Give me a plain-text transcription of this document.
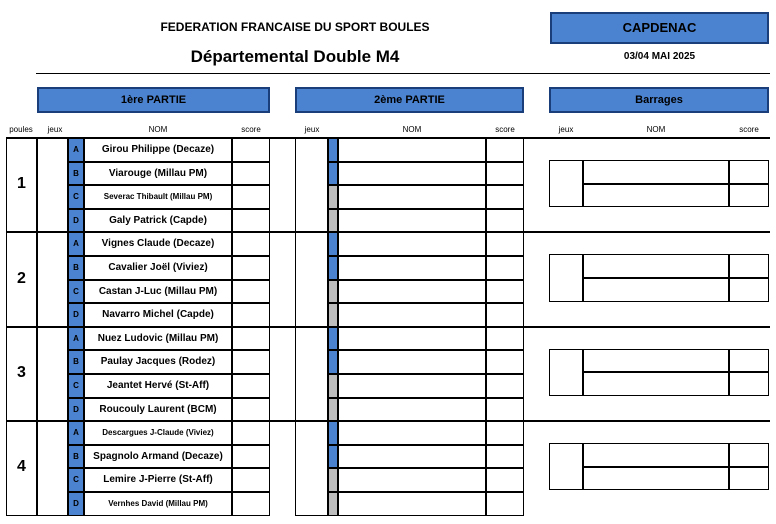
FEDERATION FRANCAISE DU SPORT BOULES
Départemental Double M4
CAPDENAC
03/04 MAI 2025
1ère PARTIE	2ème PARTIE	Barrages
poules	jeux	NOM	score	jeux	NOM	score	jeux	NOM	score
1
A	Girou Philippe (Decaze)
B	Viarouge (Millau PM)
C	Severac Thibault (Millau PM)
D	Galy Patrick (Capde)
2
A	Vignes Claude (Decaze)
B	Cavalier Joël (Viviez)
C	Castan J-Luc (Millau PM)
D	Navarro Michel (Capde)
3
A	Nuez Ludovic (Millau PM)
B	Paulay Jacques (Rodez)
C	Jeantet Hervé (St-Aff)
D	Roucouly Laurent (BCM)
4
A	Descargues J-Claude (Viviez)
B	Spagnolo Armand (Decaze)
C	Lemire J-Pierre (St-Aff)
D	Vernhes David (Millau PM)
